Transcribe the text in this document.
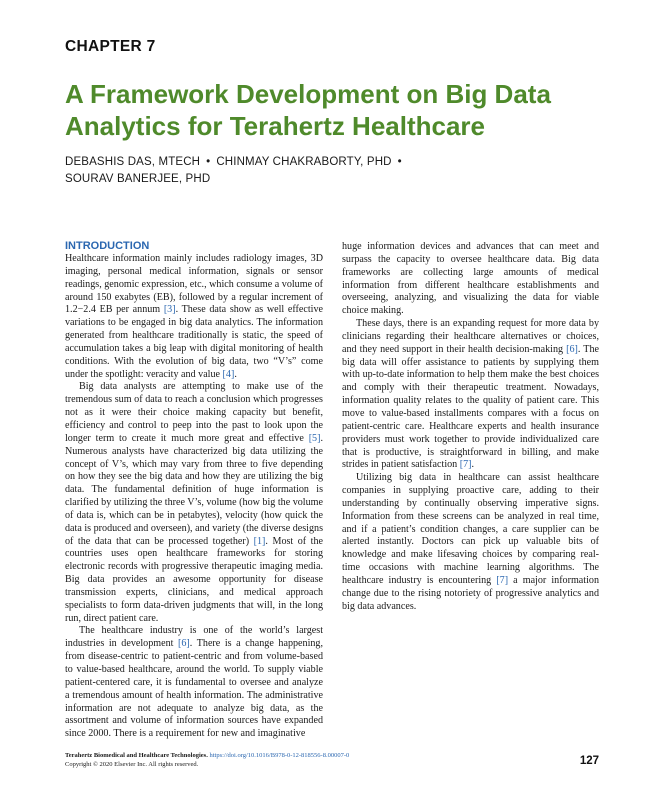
CHAPTER 7
A Framework Development on Big Data Analytics for Terahertz Healthcare
DEBASHIS DAS, MTECH • CHINMAY CHAKRABORTY, PHD •
SOURAV BANERJEE, PHD
INTRODUCTION

Healthcare information mainly includes radiology images, 3D imaging, personal medical information, signals or sensor readings, genomic expression, etc., which consume a volume of around 150 exabytes (EB), followed by a regular increment of 1.2−2.4 EB per annum [3]. These data show as well effective variations to be engaged in big data analytics. The information generated from healthcare traditionally is static, the speed of accumulation takes a big leap with digital monitoring of health conditions. With the evolution of big data, two “V’s” come under the spotlight: veracity and value [4].

Big data analysts are attempting to make use of the tremendous sum of data to reach a conclusion which progresses not as it were their choice making capacity but benefit, efficiency and control to peep into the past to look upon the longer term to create it much more great and effective [5]. Numerous analysts have characterized big data utilizing the concept of V’s, which may vary from three to five depending on how they see the big data and how they are utilizing the big data. The fundamental definition of huge information is clarified by utilizing the three V’s, volume (how big the volume of data is, which can be in petabytes), velocity (how quick the data is produced and overseen), and variety (the diverse designs of the data that can be processed together) [1]. Most of the countries uses open healthcare frameworks for storing electronic records with progressive therapeutic imaging media. Big data provides an awesome opportunity for disease transmission experts, clinicians, and medical approach specialists to form data-driven judgments that will, in the long run, direct patient care.

The healthcare industry is one of the world’s largest industries in development [6]. There is a change happening, from disease-centric to patient-centric and from volume-based to value-based healthcare, around the world. To supply viable patient-centered care, it is fundamental to oversee and analyze a tremendous amount of health information. The administrative information are not adequate to analyze big data, as the assortment and volume of information sources have expanded since 2000. There is a requirement for new and imaginative

huge information devices and advances that can meet and surpass the capacity to oversee healthcare data. Big data frameworks are collecting large amounts of medical information from different healthcare establishments and overseeing, analyzing, and visualizing the data for viable choice making.

These days, there is an expanding request for more data by clinicians regarding their healthcare alternatives or choices, and they need support in their health decision-making [6]. The big data will offer assistance to patients by supplying them with up-to-date information to help them make the best choices and comply with their therapeutic treatment. Nowadays, information quality relates to the quality of patient care. This move to value-based installments compares with a focus on patient-centric care. Healthcare experts and health insurance providers must work together to provide individualized care that is productive, is straightforward in billing, and make strides in patient satisfaction [7].

Utilizing big data in healthcare can assist healthcare companies in supplying proactive care, adding to their understanding by continually observing imperative signs. Information from these screens can be analyzed in real time, and if a patient’s condition changes, a care supplier can be alerted instantly. Doctors can pick up valuable bits of knowledge and make lifesaving choices by comparing real-time occasions with machine learning algorithms. The healthcare industry is encountering [7] a major information change due to the rising notoriety of progressive analytics and big data advances.

Terahertz Biomedical and Healthcare Technologies. https://doi.org/10.1016/B978-0-12-818556-8.00007-0
Copyright © 2020 Elsevier Inc. All rights reserved.	127
